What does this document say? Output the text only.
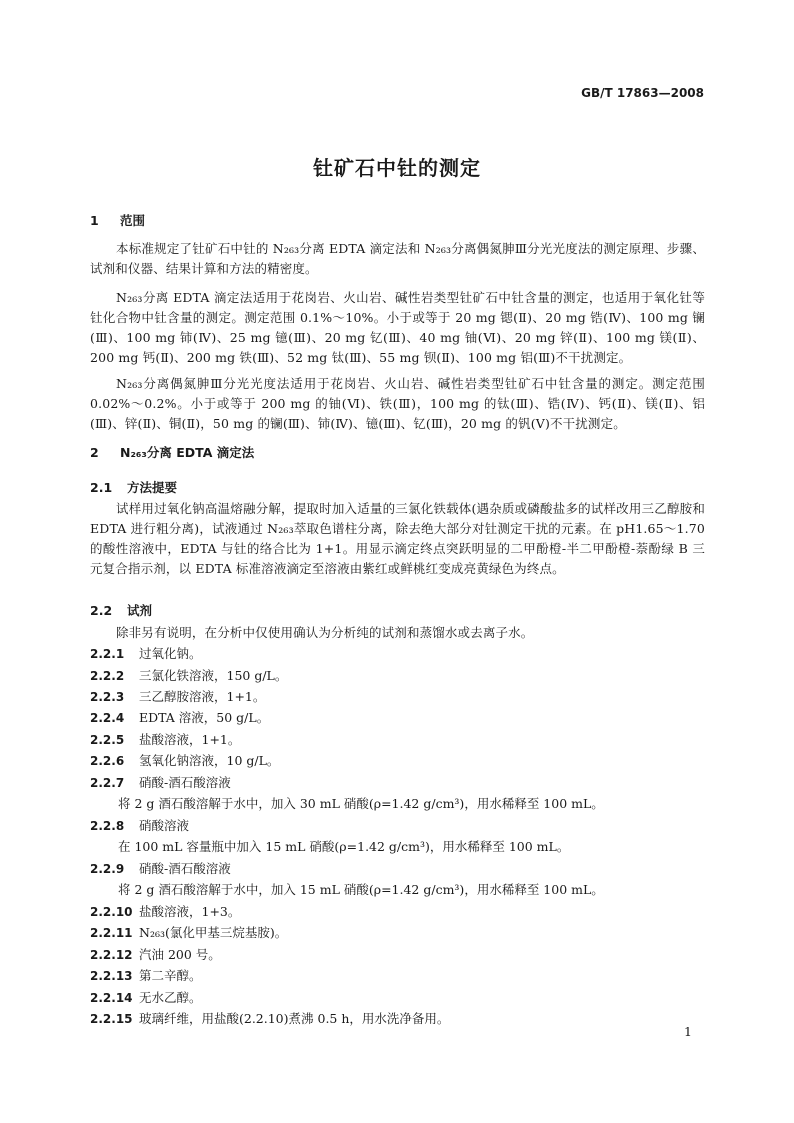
GB/T 17863—2008
钍矿石中钍的测定
1 范围
本标准规定了钍矿石中钍的 N₂₆₃分离 EDTA 滴定法和 N₂₆₃分离偶氮胂Ⅲ分光光度法的测定原理、步骤、试剂和仪器、结果计算和方法的精密度。
N₂₆₃分离 EDTA 滴定法适用于花岗岩、火山岩、碱性岩类型钍矿石中钍含量的测定，也适用于氧化钍等钍化合物中钍含量的测定。测定范围 0.1%～10%。小于或等于 20 mg 锶(Ⅱ)、20 mg 锆(Ⅳ)、100 mg 镧(Ⅲ)、100 mg 铈(Ⅳ)、25 mg 镱(Ⅲ)、20 mg 钇(Ⅲ)、40 mg 铀(Ⅵ)、20 mg 锌(Ⅱ)、100 mg 镁(Ⅱ)、200 mg 钙(Ⅱ)、200 mg 铁(Ⅲ)、52 mg 钛(Ⅲ)、55 mg 钡(Ⅱ)、100 mg 铝(Ⅲ)不干扰测定。
N₂₆₃分离偶氮胂Ⅲ分光光度法适用于花岗岩、火山岩、碱性岩类型钍矿石中钍含量的测定。测定范围 0.02%～0.2%。小于或等于 200 mg 的铀(Ⅵ)、铁(Ⅲ)，100 mg 的钛(Ⅲ)、锆(Ⅳ)、钙(Ⅱ)、镁(Ⅱ)、铝(Ⅲ)、锌(Ⅱ)、铜(Ⅱ)，50 mg 的镧(Ⅲ)、铈(Ⅳ)、镱(Ⅲ)、钇(Ⅲ)，20 mg 的钒(Ⅴ)不干扰测定。
2 N₂₆₃分离 EDTA 滴定法
2.1 方法提要
试样用过氧化钠高温熔融分解，提取时加入适量的三氯化铁载体(遇杂质或磷酸盐多的试样改用三乙醇胺和 EDTA 进行粗分离)，试液通过 N₂₆₃萃取色谱柱分离，除去绝大部分对钍测定干扰的元素。在 pH1.65～1.70 的酸性溶液中，EDTA 与钍的络合比为 1+1。用显示滴定终点突跃明显的二甲酚橙-半二甲酚橙-萘酚绿 B 三元复合指示剂，以 EDTA 标准溶液滴定至溶液由紫红或鲜桃红变成亮黄绿色为终点。
2.2 试剂
除非另有说明，在分析中仅使用确认为分析纯的试剂和蒸馏水或去离子水。
2.2.1 过氧化钠。
2.2.2 三氯化铁溶液，150 g/L。
2.2.3 三乙醇胺溶液，1+1。
2.2.4 EDTA 溶液，50 g/L。
2.2.5 盐酸溶液，1+1。
2.2.6 氢氧化钠溶液，10 g/L。
2.2.7 硝酸-酒石酸溶液
将 2 g 酒石酸溶解于水中，加入 30 mL 硝酸(ρ=1.42 g/cm³)，用水稀释至 100 mL。
2.2.8 硝酸溶液
在 100 mL 容量瓶中加入 15 mL 硝酸(ρ=1.42 g/cm³)，用水稀释至 100 mL。
2.2.9 硝酸-酒石酸溶液
将 2 g 酒石酸溶解于水中，加入 15 mL 硝酸(ρ=1.42 g/cm³)，用水稀释至 100 mL。
2.2.10 盐酸溶液，1+3。
2.2.11 N₂₆₃(氯化甲基三烷基胺)。
2.2.12 汽油 200 号。
2.2.13 第二辛醇。
2.2.14 无水乙醇。
2.2.15 玻璃纤维，用盐酸(2.2.10)煮沸 0.5 h，用水洗净备用。
1
